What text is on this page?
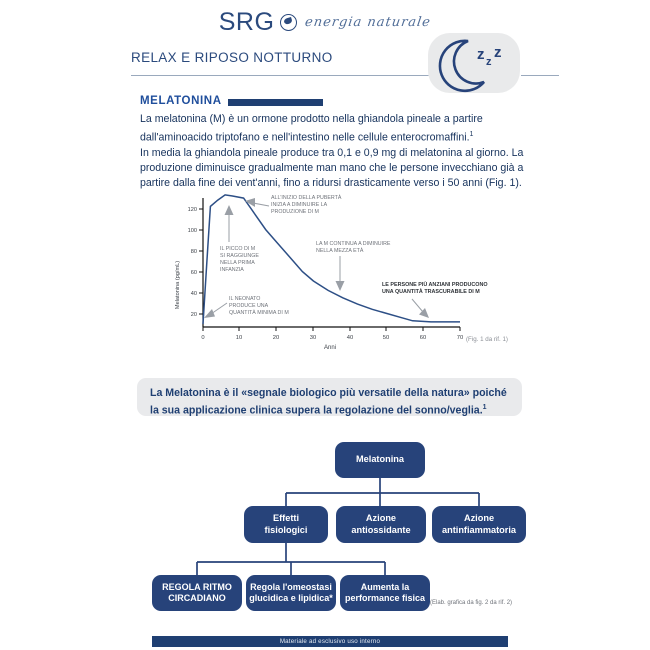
SRG energia naturale
RELAX E RIPOSO NOTTURNO	z z
z
MELATONINA

La melatonina (M) è un ormone prodotto nella ghiandola pineale a partire dall'aminoacido triptofano e nell'intestino nelle cellule enterocromaffini.$^1$

In media la ghiandola pineale produce tra 0,1 e 0,9 mg di melatonina al giorno. La produzione diminuisce gradualmente man mano che le persone invecchiano già a partire dalla fine dei vent'anni, fino a ridursi drasticamente verso i 50 anni (Fig. 1).

Melatonina (pg/mL)
20
40
60
80
100
120
0	10	20	30	40	50	60	70
Anni
IL PICCO DI M SI RAGGIUNGE NELLA PRIMA INFANZIA
IL NEONATO PRODUCE UNA QUANTITÀ MINIMA DI M
ALL'INIZIO DELLA PUBERTÀ INIZIA A DIMINUIRE LA PRODUZIONE DI M
LA M CONTINUA A DIMINUIRE NELLA MEZZA ETÀ
LE PERSONE PIÙ ANZIANI PRODUCONO UNA QUANTITÀ TRASCURABILE DI M
(Fig. 1 da rif. 1)
La Melatonina è il «segnale biologico più versatile della natura» poiché la sua applicazione clinica supera la regolazione del sonno/veglia.$^1$
Melatonina
Effetti
fisiologici
Azione
antiossidante
Azione
antinfiammatoria
REGOLA RITMO
CIRCADIANO
Regola l'omeostasi
glucidica e lipidica*
Aumenta la
performance fisica (Elab. grafica da fig. 2 da rif. 2)
Materiale ad esclusivo uso interno
